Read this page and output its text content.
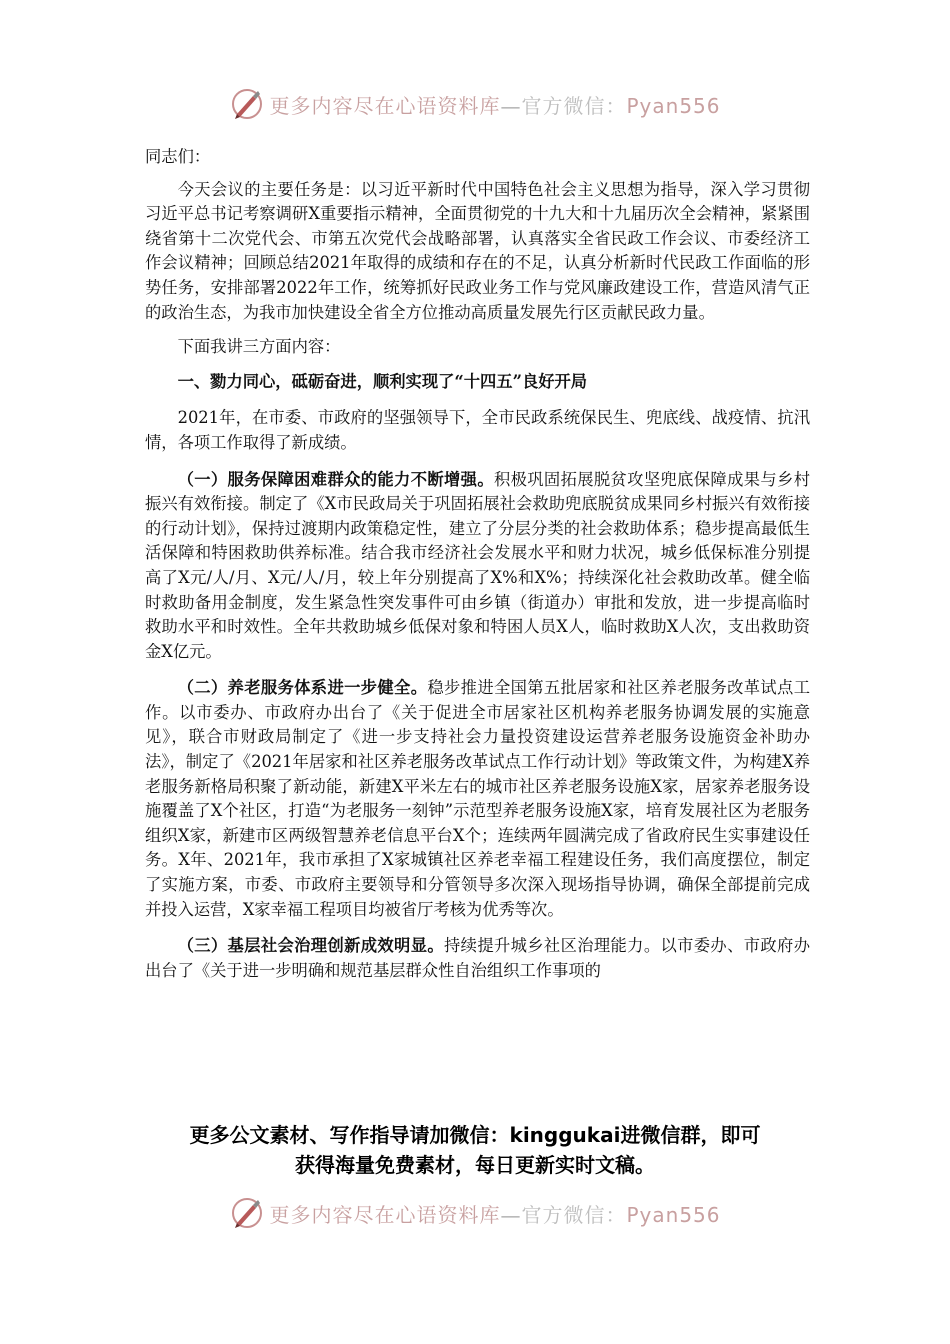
更多内容尽在心语资料库—官方微信：Pyan556

同志们：

今天会议的主要任务是：以习近平新时代中国特色社会主义思想为指导，深入学习贯彻习近平总书记考察调研X重要指示精神，全面贯彻党的十九大和十九届历次全会精神，紧紧围绕省第十二次党代会、市第五次党代会战略部署，认真落实全省民政工作会议、市委经济工作会议精神；回顾总结2021年取得的成绩和存在的不足，认真分析新时代民政工作面临的形势任务，安排部署2022年工作，统筹抓好民政业务工作与党风廉政建设工作，营造风清气正的政治生态，为我市加快建设全省全方位推动高质量发展先行区贡献民政力量。

下面我讲三方面内容：

一、勠力同心，砥砺奋进，顺利实现了“十四五”良好开局

2021年，在市委、市政府的坚强领导下，全市民政系统保民生、兜底线、战疫情、抗汛情，各项工作取得了新成绩。

（一）服务保障困难群众的能力不断增强。积极巩固拓展脱贫攻坚兜底保障成果与乡村振兴有效衔接。制定了《X市民政局关于巩固拓展社会救助兜底脱贫成果同乡村振兴有效衔接的行动计划》，保持过渡期内政策稳定性，建立了分层分类的社会救助体系；稳步提高最低生活保障和特困救助供养标准。结合我市经济社会发展水平和财力状况，城乡低保标准分别提高了X元/人/月、X元/人/月，较上年分别提高了X%和X%；持续深化社会救助改革。健全临时救助备用金制度，发生紧急性突发事件可由乡镇（街道办）审批和发放，进一步提高临时救助水平和时效性。全年共救助城乡低保对象和特困人员X人，临时救助X人次，支出救助资金X亿元。

（二）养老服务体系进一步健全。稳步推进全国第五批居家和社区养老服务改革试点工作。以市委办、市政府办出台了《关于促进全市居家社区机构养老服务协调发展的实施意见》，联合市财政局制定了《进一步支持社会力量投资建设运营养老服务设施资金补助办法》，制定了《2021年居家和社区养老服务改革试点工作行动计划》等政策文件，为构建X养老服务新格局积聚了新动能，新建X平米左右的城市社区养老服务设施X家，居家养老服务设施覆盖了X个社区，打造“为老服务一刻钟”示范型养老服务设施X家，培育发展社区为老服务组织X家，新建市区两级智慧养老信息平台X个；连续两年圆满完成了省政府民生实事建设任务。X年、2021年，我市承担了X家城镇社区养老幸福工程建设任务，我们高度摆位，制定了实施方案，市委、市政府主要领导和分管领导多次深入现场指导协调，确保全部提前完成并投入运营，X家幸福工程项目均被省厅考核为优秀等次。

（三）基层社会治理创新成效明显。持续提升城乡社区治理能力。以市委办、市政府办出台了《关于进一步明确和规范基层群众性自治组织工作事项的

更多公文素材、写作指导请加微信：kinggukai进微信群，即可
获得海量免费素材，每日更新实时文稿。
更多内容尽在心语资料库—官方微信：Pyan556
